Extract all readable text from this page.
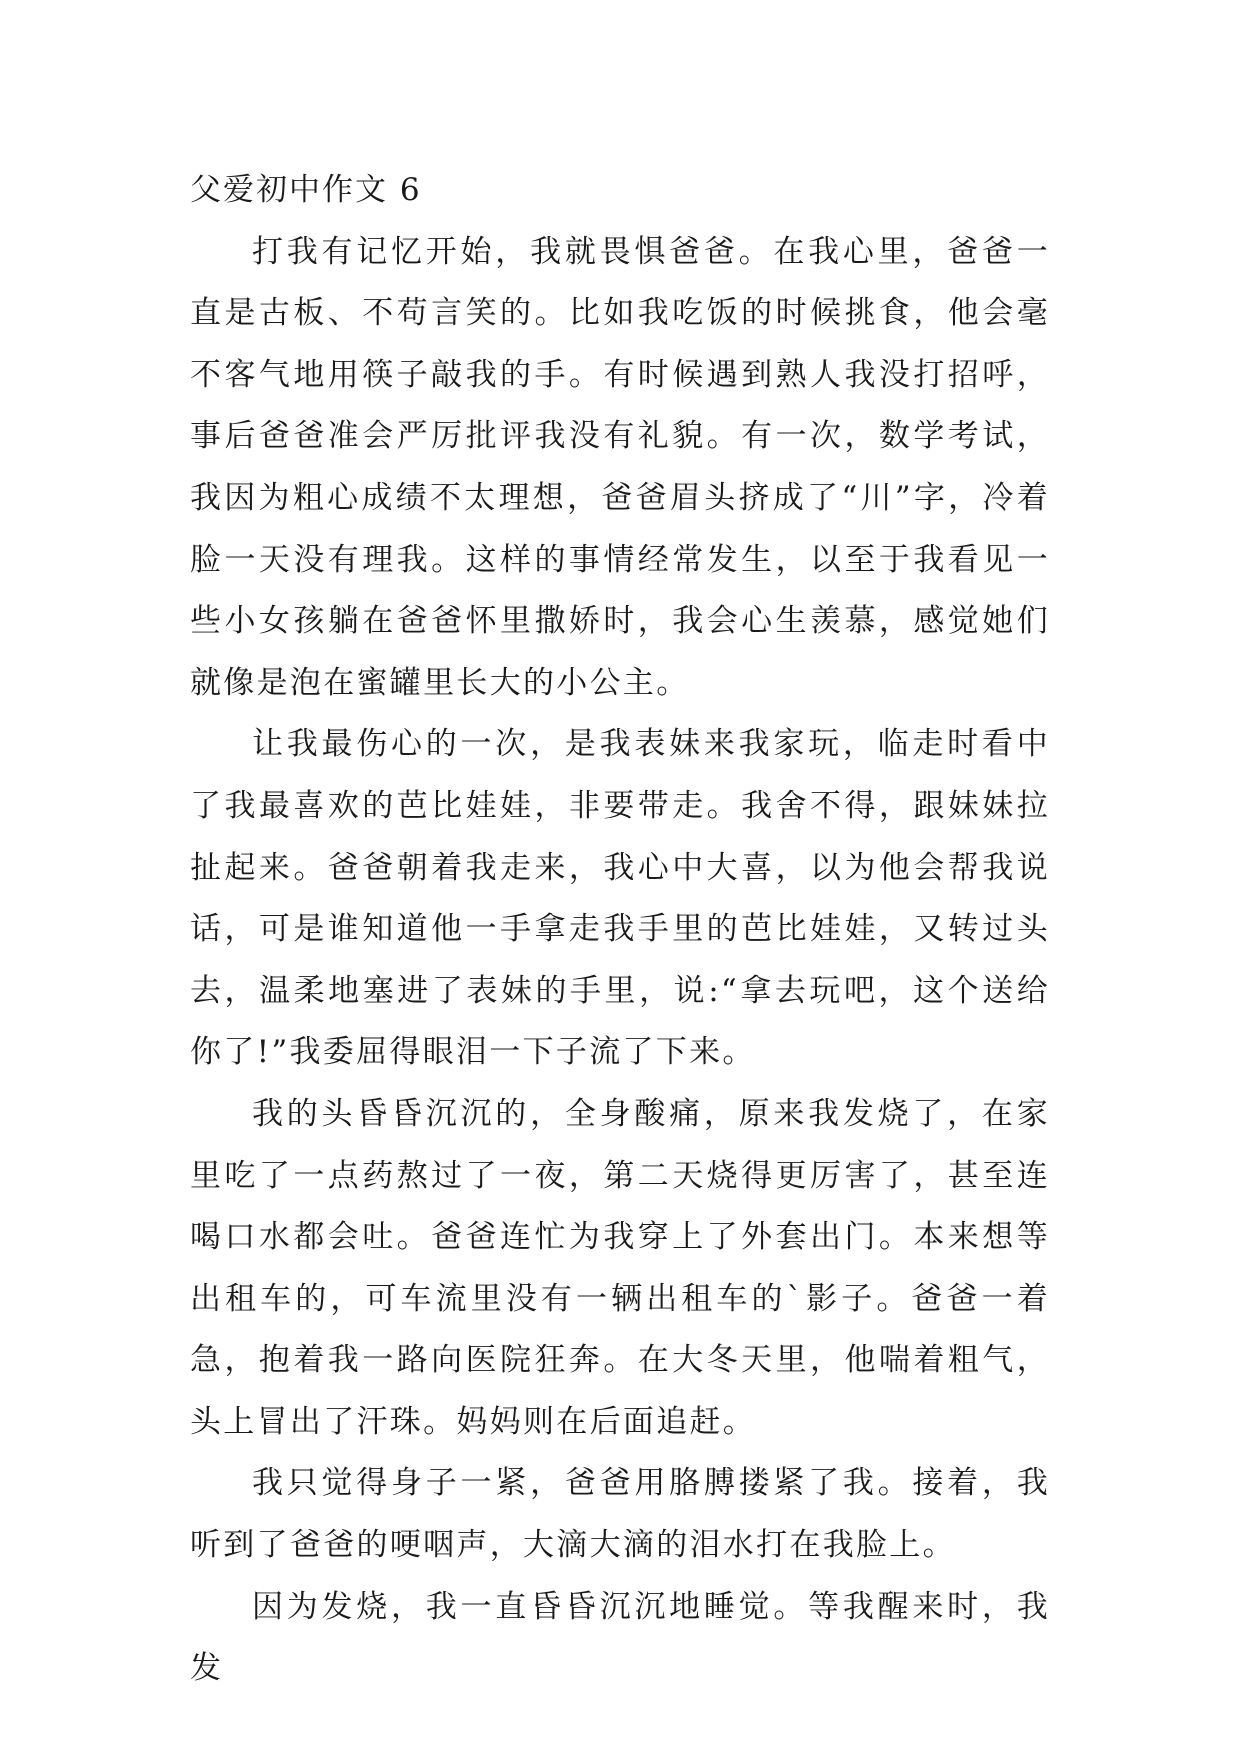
父爱初中作文 6

打我有记忆开始，我就畏惧爸爸。在我心里，爸爸一直是古板、不苟言笑的。比如我吃饭的时候挑食，他会毫不客气地用筷子敲我的手。有时候遇到熟人我没打招呼，事后爸爸准会严厉批评我没有礼貌。有一次，数学考试，我因为粗心成绩不太理想，爸爸眉头挤成了“川”字，冷着脸一天没有理我。这样的事情经常发生，以至于我看见一些小女孩躺在爸爸怀里撒娇时，我会心生羡慕，感觉她们就像是泡在蜜罐里长大的小公主。

让我最伤心的一次，是我表妹来我家玩，临走时看中了我最喜欢的芭比娃娃，非要带走。我舍不得，跟妹妹拉扯起来。爸爸朝着我走来，我心中大喜，以为他会帮我说话，可是谁知道他一手拿走我手里的芭比娃娃，又转过头去，温柔地塞进了表妹的手里，说:“拿去玩吧，这个送给你了!”我委屈得眼泪一下子流了下来。

我的头昏昏沉沉的，全身酸痛，原来我发烧了，在家里吃了一点药熬过了一夜，第二天烧得更厉害了，甚至连喝口水都会吐。爸爸连忙为我穿上了外套出门。本来想等出租车的，可车流里没有一辆出租车的`影子。爸爸一着急，抱着我一路向医院狂奔。在大冬天里，他喘着粗气，头上冒出了汗珠。妈妈则在后面追赶。

我只觉得身子一紧，爸爸用胳膊搂紧了我。接着，我听到了爸爸的哽咽声，大滴大滴的泪水打在我脸上。

因为发烧，我一直昏昏沉沉地睡觉。等我醒来时，我发
